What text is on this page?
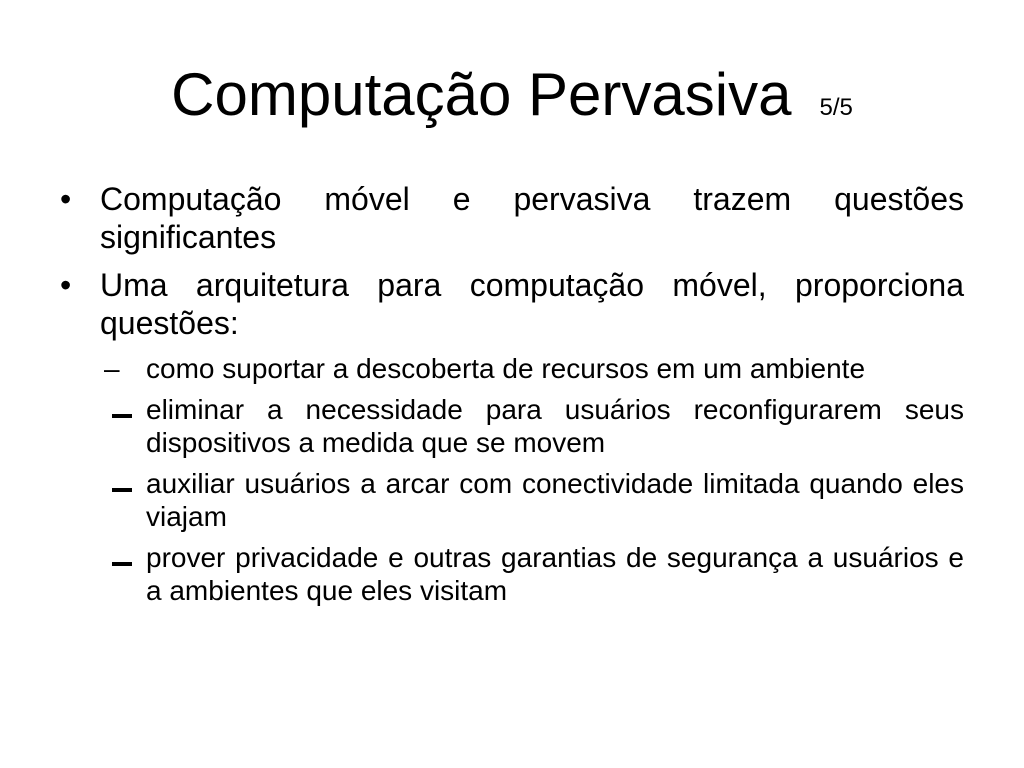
Computação Pervasiva 5/5
• Computação móvel e pervasiva trazem questões significantes
• Uma arquitetura para computação móvel, proporciona questões:
– como suportar a descoberta de recursos em um ambiente
eliminar a necessidade para usuários reconfigurarem seus dispositivos a medida que se movem
auxiliar usuários a arcar com conectividade limitada quando eles viajam
prover privacidade e outras garantias de segurança a usuários e a ambientes que eles visitam
